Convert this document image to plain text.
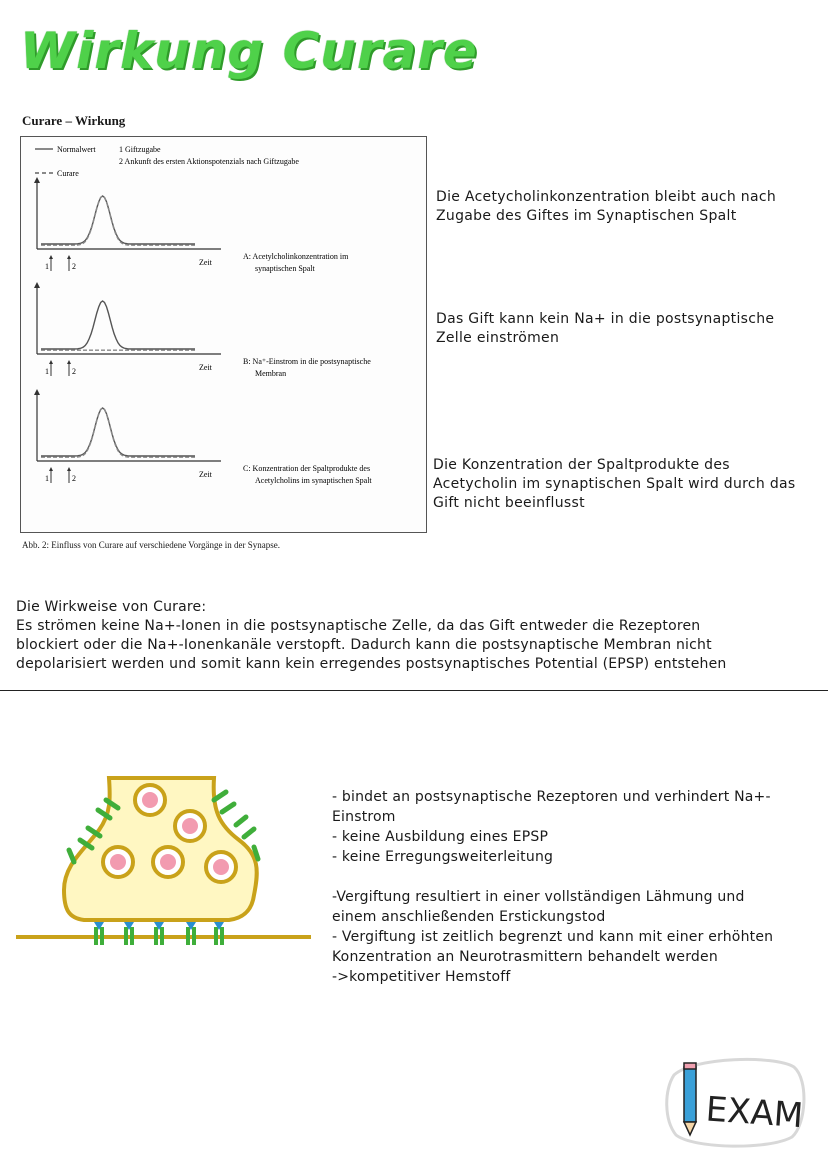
Wirkung Curare
Curare – Wirkung
Normalwert
Curare
1 Giftzugabe
2 Ankunft des ersten Aktionspotenzials nach Giftzugabe
1	2	Zeit
A: Acetylcholinkonzentration im
synaptischen Spalt
1	2	Zeit
B: Na⁺-Einstrom in die postsynaptische
Membran
1	2	Zeit
C: Konzentration der Spaltprodukte des
Acetylcholins im synaptischen Spalt
Abb. 2: Einfluss von Curare auf verschiedene Vorgänge in der Synapse.
Die Acetycholinkonzentration bleibt auch nach
Zugabe des Giftes im Synaptischen Spalt
Das Gift kann kein Na+ in die postsynaptische
Zelle einströmen
Die Konzentration der Spaltprodukte des
Acetycholin im synaptischen Spalt wird durch das
Gift nicht beeinflusst
Die Wirkweise von Curare:
Es strömen keine Na+-Ionen in die postsynaptische Zelle, da das Gift entweder die Rezeptoren
blockiert oder die Na+-Ionenkanäle verstopft. Dadurch kann die postsynaptische Membran nicht
depolarisiert werden und somit kann kein erregendes postsynaptisches Potential (EPSP) entstehen

- bindet an postsynaptische Rezeptoren und verhindert Na+-

Einstrom

- keine Ausbildung eines EPSP

- keine Erregungsweiterleitung

-Vergiftung resultiert in einer vollständigen Lähmung und

einem anschließenden Erstickungstod

- Vergiftung ist zeitlich begrenzt und kann mit einer erhöhten

Konzentration an Neurotrasmittern behandelt werden

->kompetitiver Hemstoff

EXAM
